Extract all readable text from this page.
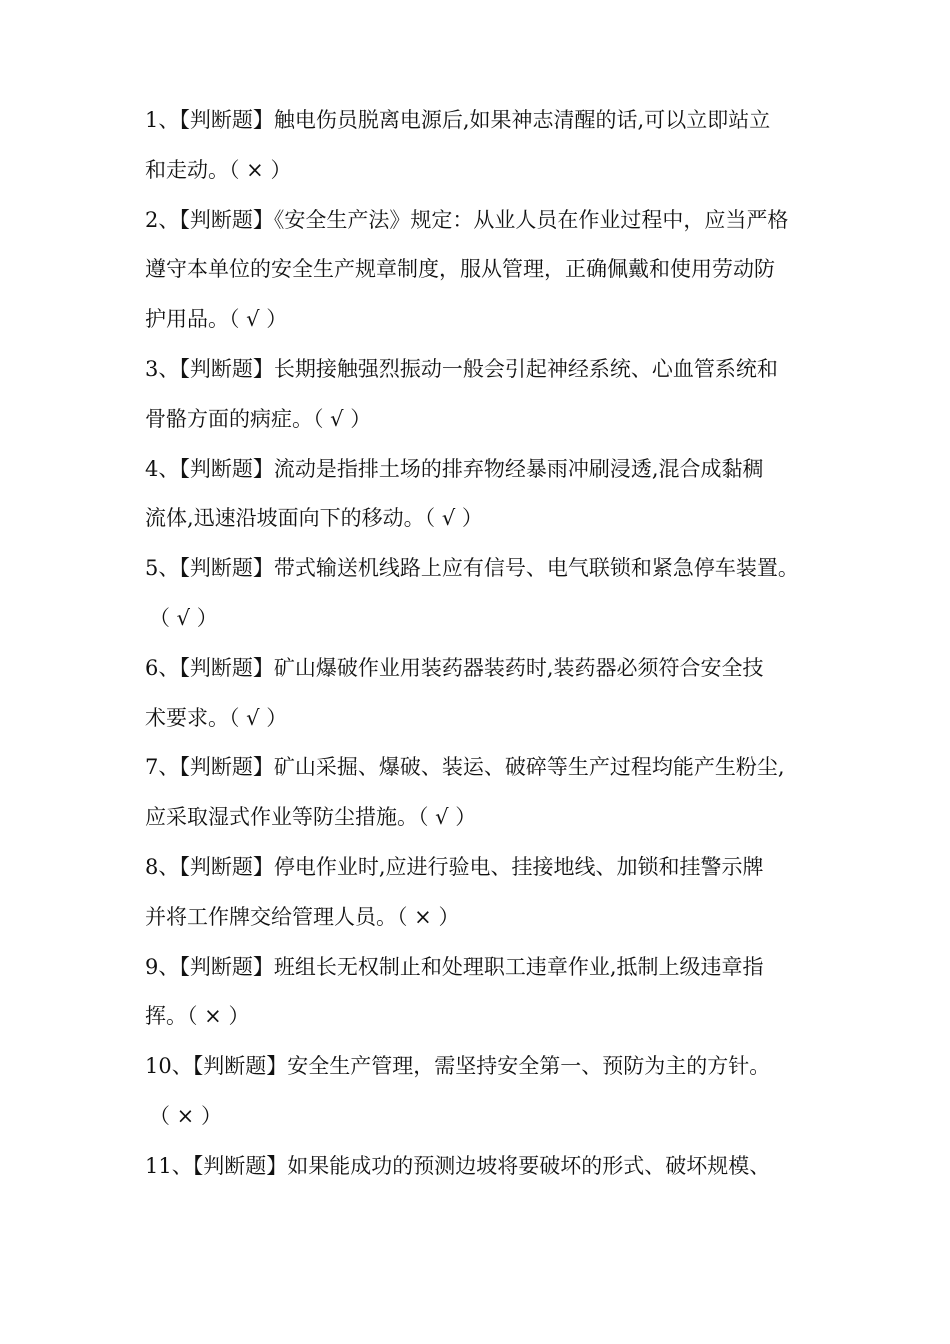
1、【判断题】触电伤员脱离电源后,如果神志清醒的话,可以立即站立
和走动。（ × ）
2、【判断题】《安全生产法》规定：从业人员在作业过程中，应当严格
遵守本单位的安全生产规章制度，服从管理，正确佩戴和使用劳动防
护用品。（ √ ）
3、【判断题】长期接触强烈振动一般会引起神经系统、心血管系统和
骨骼方面的病症。（ √ ）
4、【判断题】流动是指排土场的排弃物经暴雨冲刷浸透,混合成黏稠
流体,迅速沿坡面向下的移动。（ √ ）
5、【判断题】带式输送机线路上应有信号、电气联锁和紧急停车装置。
（ √ ）
6、【判断题】矿山爆破作业用装药器装药时,装药器必须符合安全技
术要求。（ √ ）
7、【判断题】矿山采掘、爆破、装运、破碎等生产过程均能产生粉尘,
应采取湿式作业等防尘措施。（ √ ）
8、【判断题】停电作业时,应进行验电、挂接地线、加锁和挂警示牌
并将工作牌交给管理人员。（ × ）
9、【判断题】班组长无权制止和处理职工违章作业,抵制上级违章指
挥。（ × ）
10、【判断题】安全生产管理，需坚持安全第一、预防为主的方针。
（ × ）
11、【判断题】如果能成功的预测边坡将要破坏的形式、破坏规模、
